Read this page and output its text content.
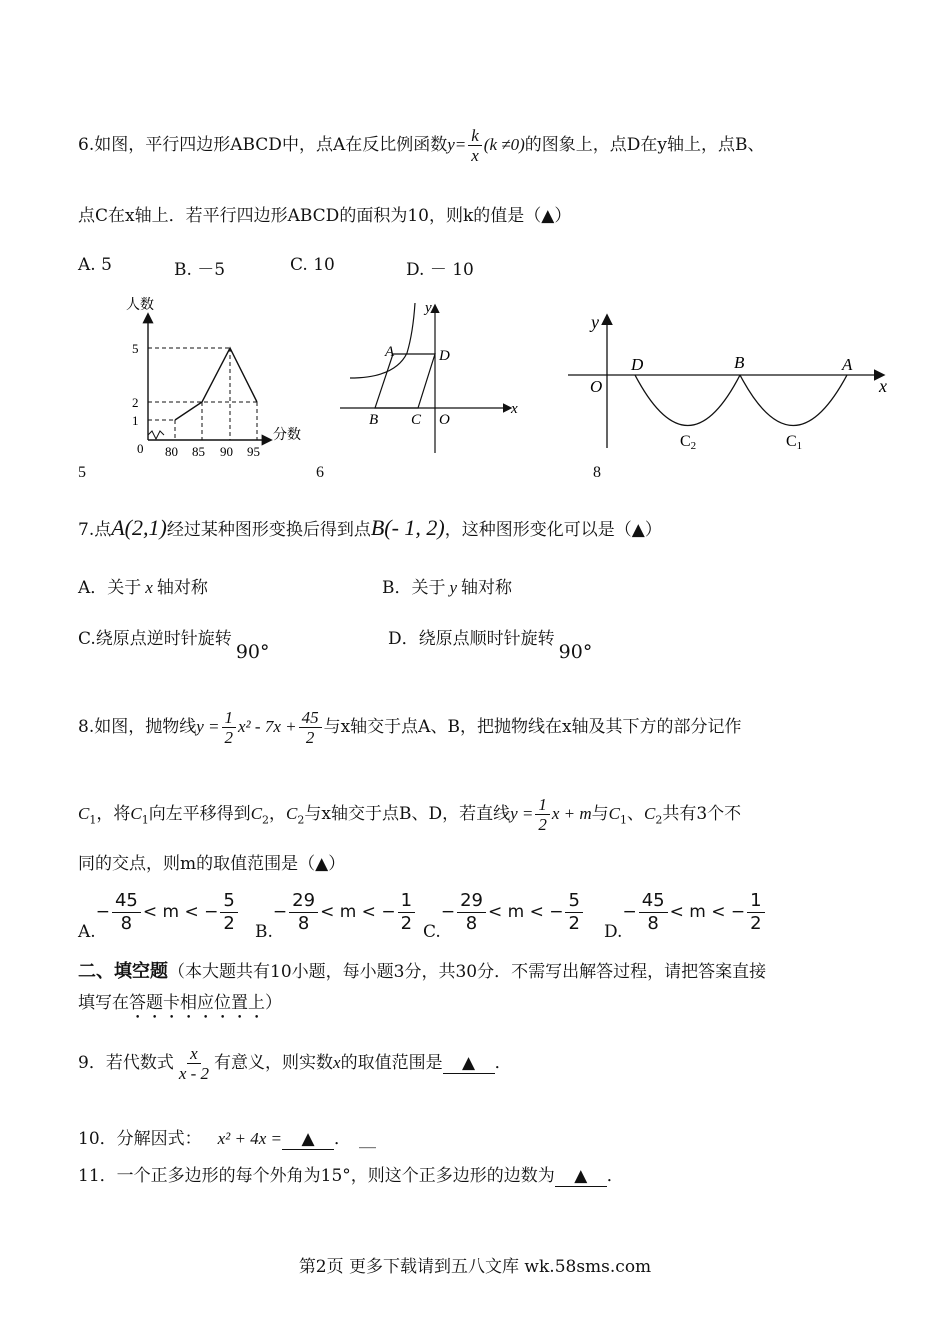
6.如图，平行四边形ABCD中，点A在反比例函数$y= \frac{k}{x} (k \ne 0)$的图象上，点D在y轴上，点B、
点C在x轴上．若平行四边形ABCD的面积为10，则k的值是（▲）
A. 5	B. －5	C. 10	D. － 10
人数
分数
5
2
1
0 80 85 90 95
5
y
x
A	D
B C O
6
y
x
O
D	B	A
C2	C1
8
7.点A(2,1)经过某种图形变换后得到点B(- 1, 2)，这种图形变化可以是（▲）
A．关于 x 轴对称	B．关于 y 轴对称
C.绕原点逆时针旋转90°
D．绕原点顺时针旋转90°
8.如图，抛物线$y = \frac{1}{2} x^2 - 7x + \frac{45}{2}$ 与x轴交于点A、B，把抛物线在x轴及其下方的部分记作
$C_1$，将$C_1$向左平移得到$C_2$，$C_2$与x轴交于点B、D，若直线$y = \frac{1}{2}$ x + m与$C_1$、$C_2$共有3个不
同的交点，则m的取值范围是（▲）
$A.- \frac{45}{8} < m$ < − $\frac{5}{2} B.- \frac{29}{8} < m$ < − $\frac{1}{2} C.- \frac{29}{8} < m$ < − $\frac{5}{2} D.- \frac{45}{8} < m$ < − $\frac{1}{2}$
二、填空题（本大题共有10小题，每小题3分，共30分．不需写出解答过程，请把答案直接
填写在答题卡相应位置上）
9．若代数式 $\frac{x}{x - 2}$ 有意义，则实数x的取值范围是 ▲ ．
10．分解因式： x² + 4x = ▲ ． __
11．一个正多边形的每个外角为15°，则这个正多边形的边数为 ▲ ．
第2页 更多下载请到五八文库 wk.58sms.com
